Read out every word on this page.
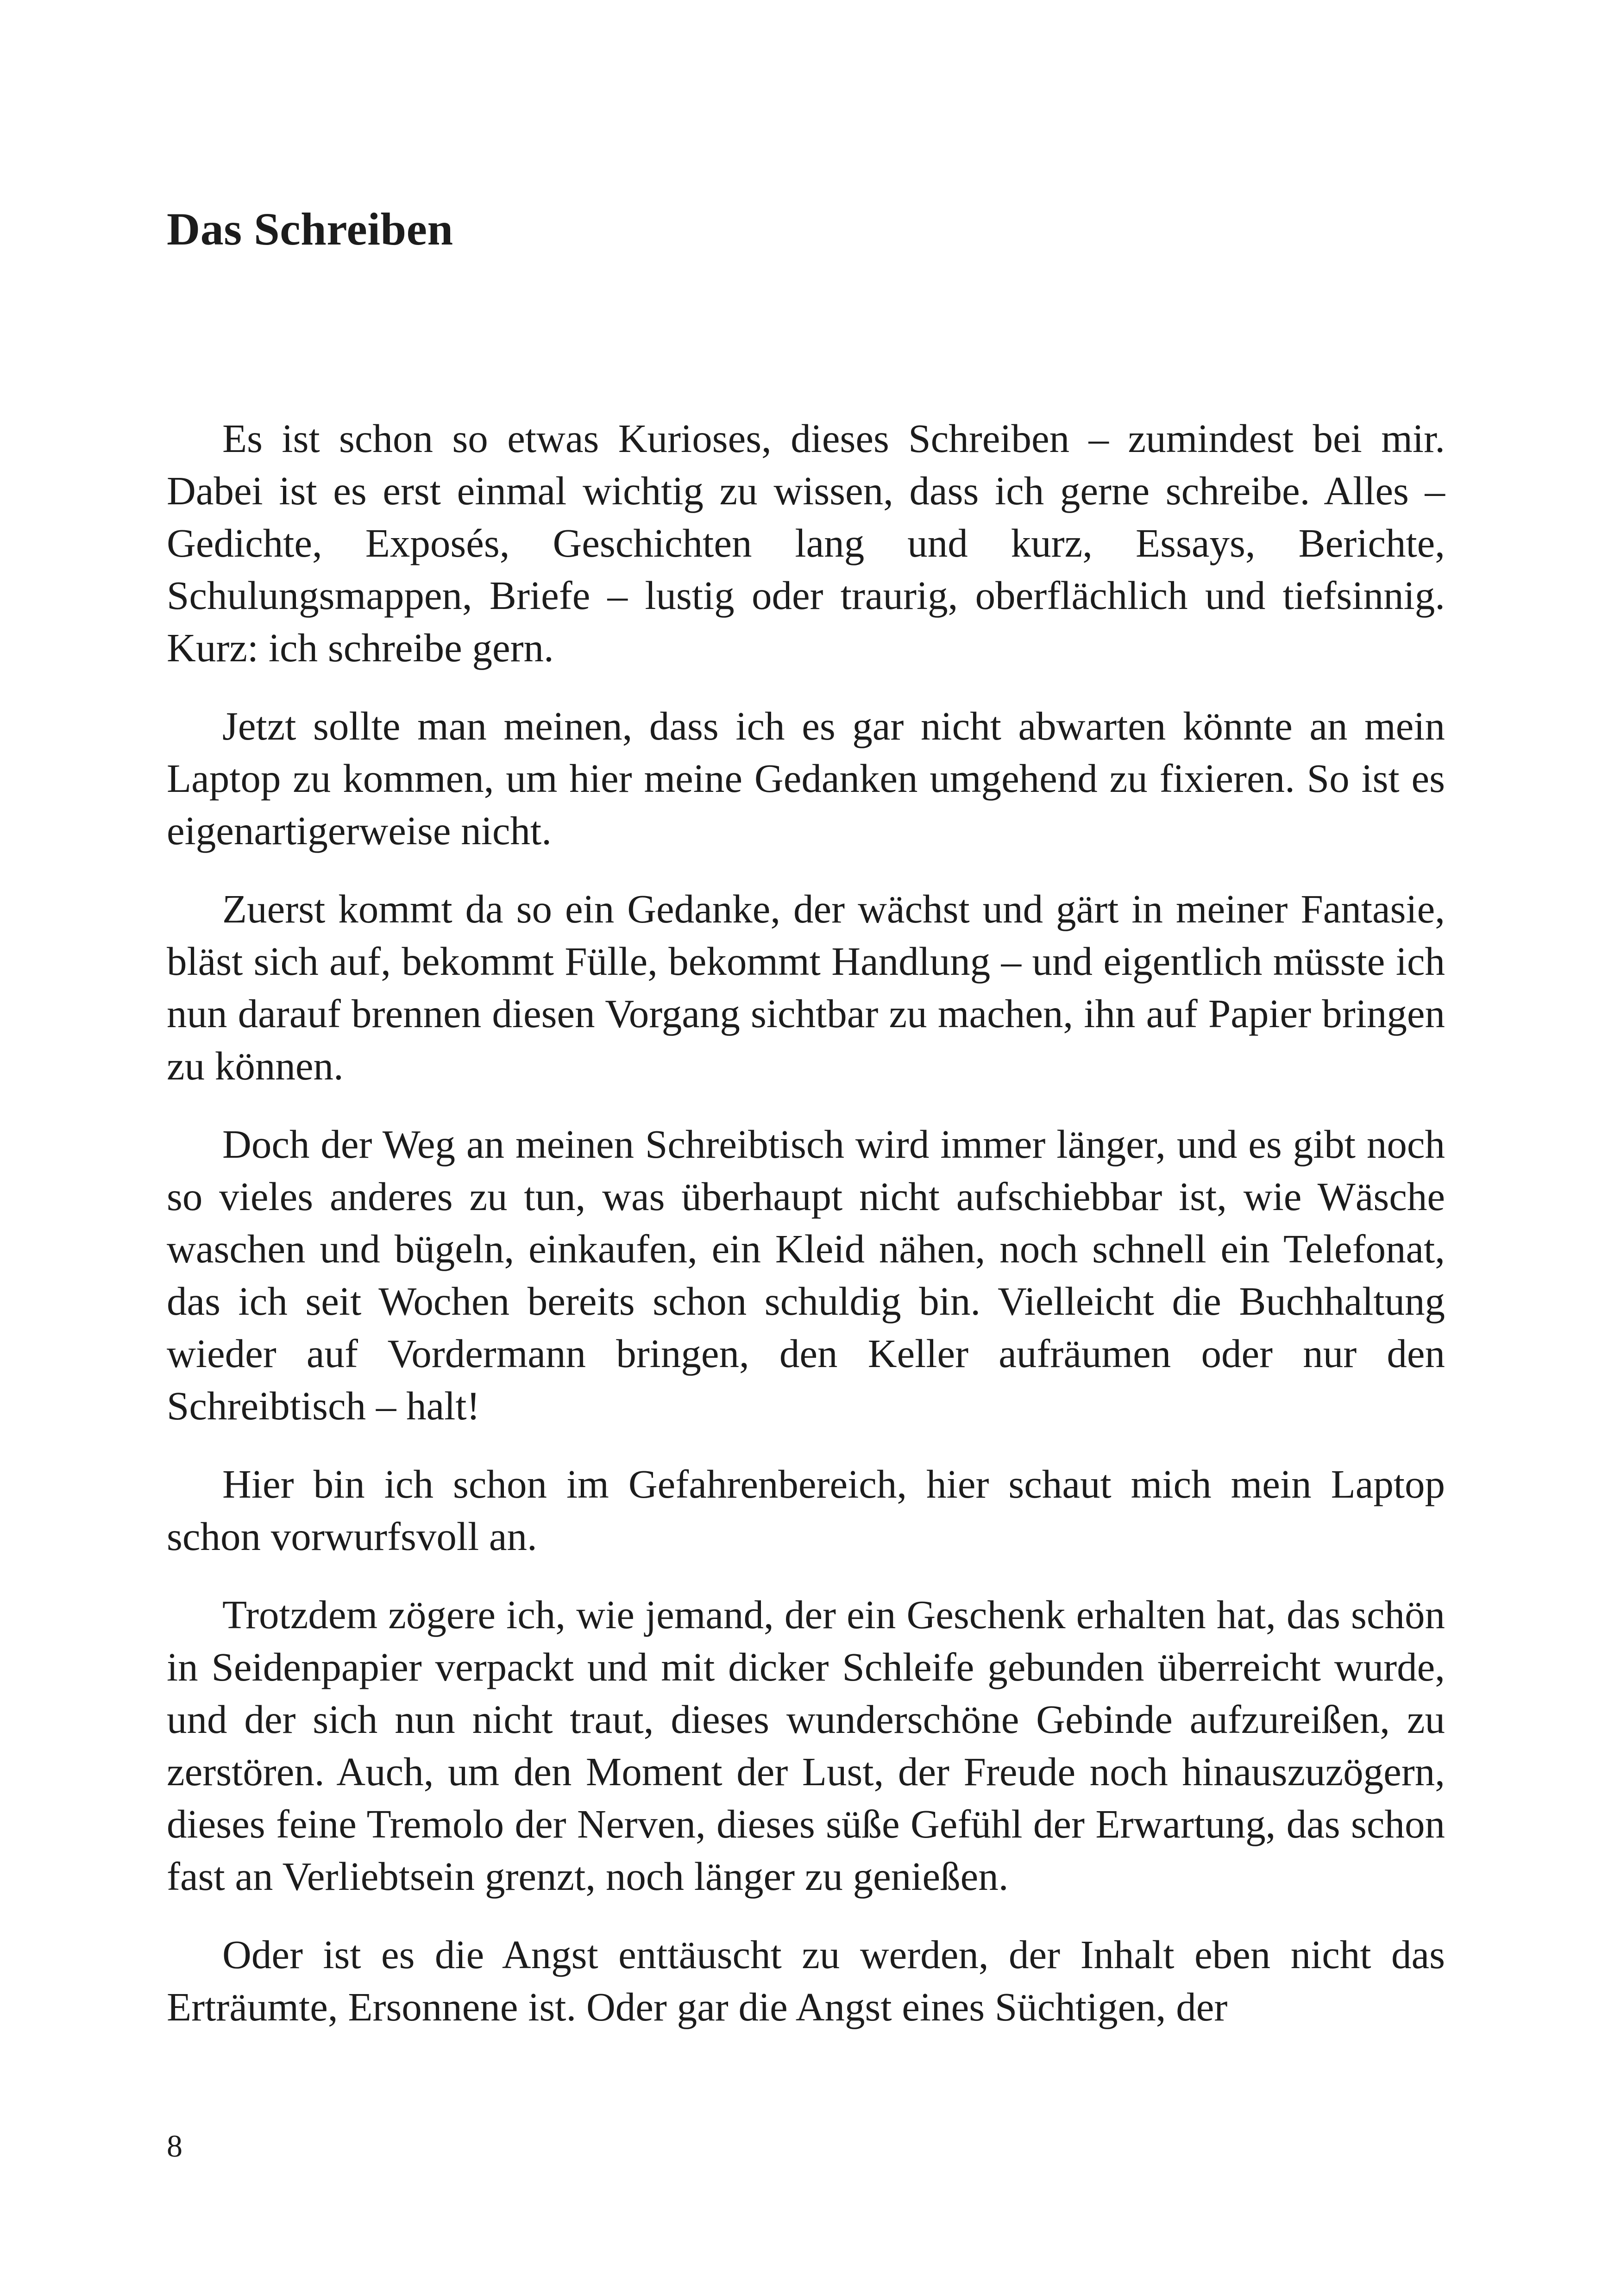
Das Schreiben

Es ist schon so etwas Kurioses, dieses Schreiben – zumindest bei mir. Dabei ist es erst einmal wichtig zu wissen, dass ich gerne schreibe. Alles – Gedichte, Exposés, Geschichten lang und kurz, Essays, Berichte, Schulungsmappen, Briefe – lustig oder traurig, oberflächlich und tiefsinnig. Kurz: ich schreibe gern.

Jetzt sollte man meinen, dass ich es gar nicht abwarten könnte an mein Laptop zu kommen, um hier meine Gedanken umgehend zu fixieren. So ist es eigenartigerweise nicht.

Zuerst kommt da so ein Gedanke, der wächst und gärt in meiner Fantasie, bläst sich auf, bekommt Fülle, bekommt Handlung – und eigentlich müsste ich nun darauf brennen diesen Vorgang sichtbar zu machen, ihn auf Papier bringen zu können.

Doch der Weg an meinen Schreibtisch wird immer länger, und es gibt noch so vieles anderes zu tun, was überhaupt nicht aufschiebbar ist, wie Wäsche waschen und bügeln, einkaufen, ein Kleid nähen, noch schnell ein Telefonat, das ich seit Wochen bereits schon schuldig bin. Vielleicht die Buchhaltung wieder auf Vordermann bringen, den Keller aufräumen oder nur den Schreibtisch – halt!

Hier bin ich schon im Gefahrenbereich, hier schaut mich mein Laptop schon vorwurfsvoll an.

Trotzdem zögere ich, wie jemand, der ein Geschenk erhalten hat, das schön in Seidenpapier verpackt und mit dicker Schleife gebunden überreicht wurde, und der sich nun nicht traut, dieses wunderschöne Gebinde aufzureißen, zu zerstören. Auch, um den Moment der Lust, der Freude noch hinauszuzögern, dieses feine Tremolo der Nerven, dieses süße Gefühl der Erwartung, das schon fast an Verliebtsein grenzt, noch länger zu genießen.

Oder ist es die Angst enttäuscht zu werden, der Inhalt eben nicht das Erträumte, Ersonnene ist. Oder gar die Angst eines Süchtigen, der

8
